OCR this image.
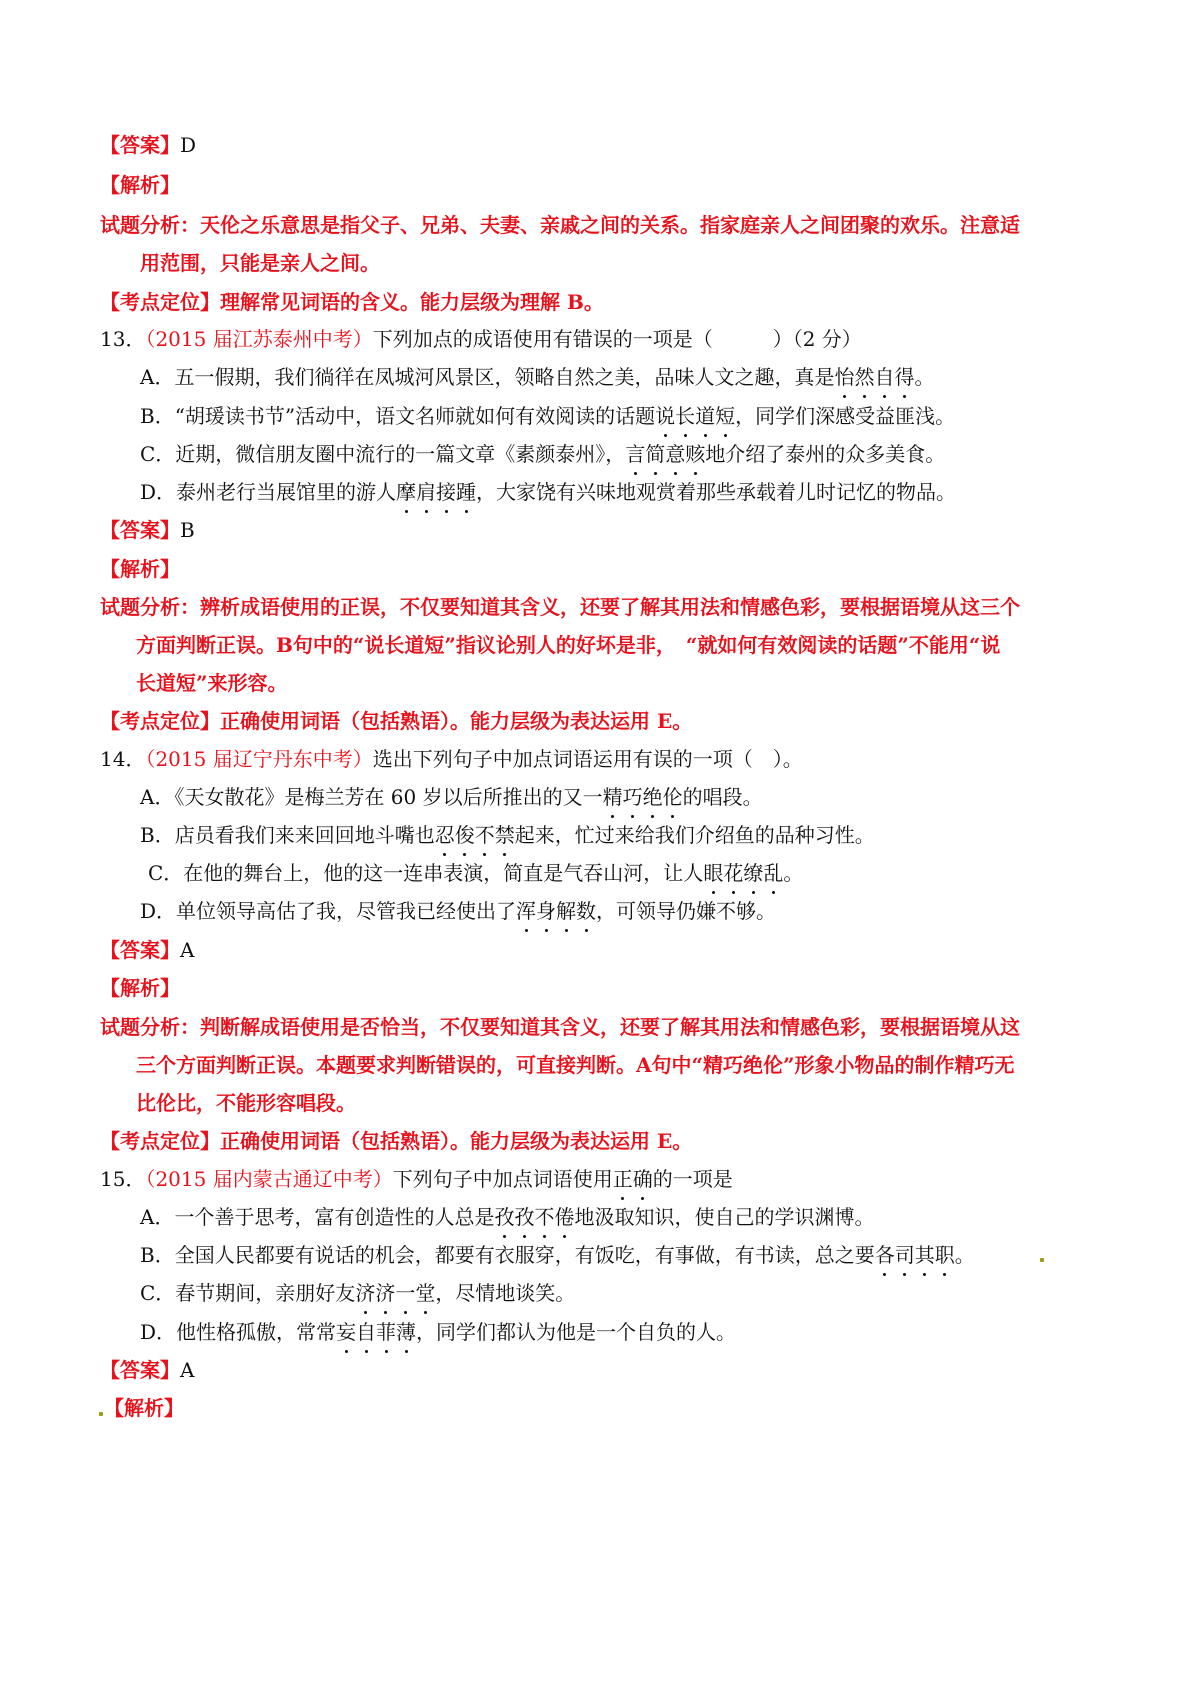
【答案】D
【解析】
试题分析：天伦之乐意思是指父子、兄弟、夫妻、亲戚之间的关系。指家庭亲人之间团聚的欢乐。注意适
用范围，只能是亲人之间。
【考点定位】理解常见词语的含义。能力层级为理解 B。
13．（2015 届江苏泰州中考）下列加点的成语使用有错误的一项是（　　　）（2 分）
A．五一假期，我们徜徉在凤城河风景区，领略自然之美，品味人文之趣，真是怡然自得。
B．“胡瑗读书节”活动中，语文名师就如何有效阅读的话题说长道短，同学们深感受益匪浅。
C．近期，微信朋友圈中流行的一篇文章《素颜泰州》，言简意赅地介绍了泰州的众多美食。
D．泰州老行当展馆里的游人摩肩接踵，大家饶有兴味地观赏着那些承载着儿时记忆的物品。
【答案】B
【解析】
试题分析：辨析成语使用的正误，不仅要知道其含义，还要了解其用法和情感色彩，要根据语境从这三个
方面判断正误。B句中的“说长道短”指议论别人的好坏是非，　“就如何有效阅读的话题”不能用“说
长道短”来形容。
【考点定位】正确使用词语（包括熟语）。能力层级为表达运用 E。
14．（2015 届辽宁丹东中考）选出下列句子中加点词语运用有误的一项（　）。
A．《天女散花》是梅兰芳在 60 岁以后所推出的又一精巧绝伦的唱段。
B．店员看我们来来回回地斗嘴也忍俊不禁起来，忙过来给我们介绍鱼的品种习性。
C．在他的舞台上，他的这一连串表演，简直是气吞山河，让人眼花缭乱。
D．单位领导高估了我，尽管我已经使出了浑身解数，可领导仍嫌不够。
【答案】A
【解析】
试题分析：判断解成语使用是否恰当，不仅要知道其含义，还要了解其用法和情感色彩，要根据语境从这
三个方面判断正误。本题要求判断错误的，可直接判断。A句中“精巧绝伦”形象小物品的制作精巧无
比伦比，不能形容唱段。
【考点定位】正确使用词语（包括熟语）。能力层级为表达运用 E。
15．（2015 届内蒙古通辽中考）下列句子中加点词语使用正确的一项是
A．一个善于思考，富有创造性的人总是孜孜不倦地汲取知识，使自己的学识渊博。
B．全国人民都要有说话的机会，都要有衣服穿，有饭吃，有事做，有书读，总之要各司其职。
C．春节期间，亲朋好友济济一堂，尽情地谈笑。
D．他性格孤傲，常常妄自菲薄，同学们都认为他是一个自负的人。
【答案】A
【解析】
